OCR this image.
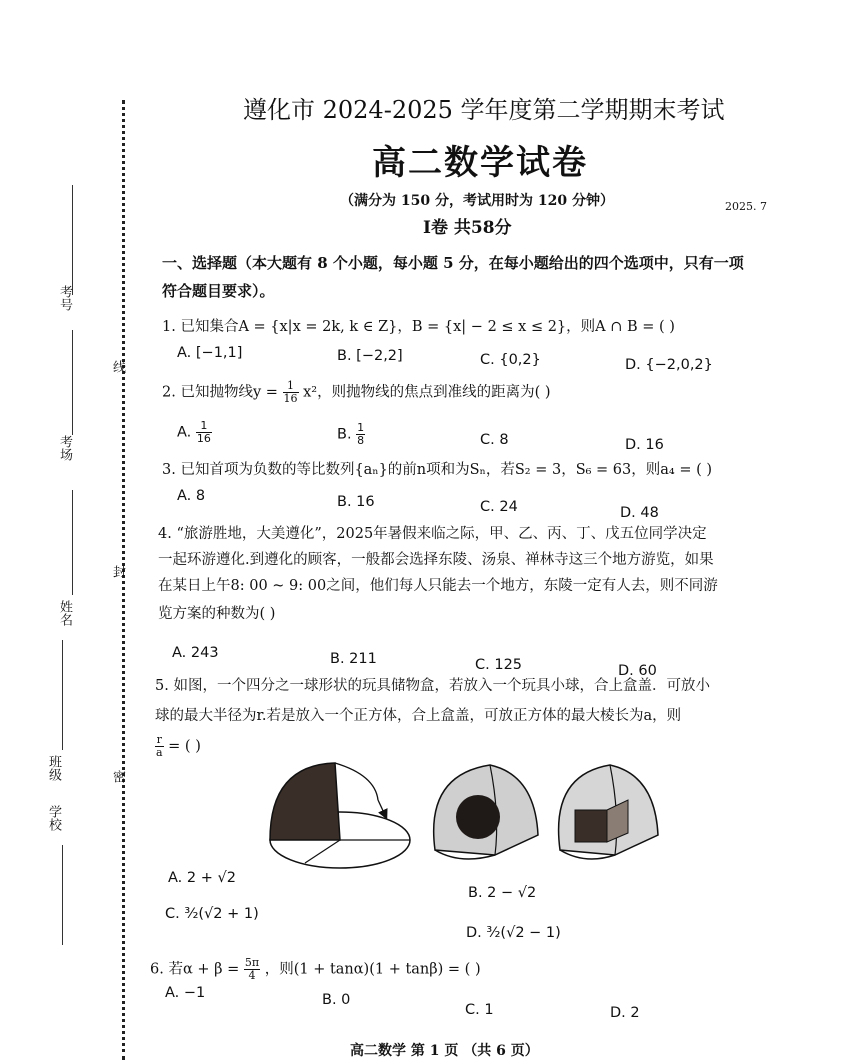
考号
考场
姓名
班级
学校
线
封
密
遵化市 2024-2025 学年度第二学期期末考试
高二数学试卷
（满分为 150 分，考试用时为 120 分钟）	2025. 7
Ⅰ卷 共58分
一、选择题（本大题有 8 个小题，每小题 5 分，在每小题给出的四个选项中，只有一项
符合题目要求）。
1. 已知集合A = {x|x = 2k, k ∈ Z}，B = {x| − 2 ≤ x ≤ 2}，则A ∩ B = ( )
A. [−1,1]	B. [−2,2]	C. {0,2}	D. {−2,0,2}
2. 已知抛物线$y = \frac{1}{16} x^2$，则抛物线的焦点到准线的距离为( )
A. $\frac{1}{16}$	B. $\frac{1}{8}$	C. 8	D. 16
3. 已知首项为负数的等比数列{aₙ}的前n项和为Sₙ，若S₂ = 3，S₆ = 63，则a₄ = ( )
A. 8	B. 16	C. 24	D. 48
4. “旅游胜地，大美遵化”，2025年暑假来临之际，甲、乙、丙、丁、戊五位同学决定
一起环游遵化.到遵化的顾客，一般都会选择东陵、汤泉、禅林寺这三个地方游览，如果
在某日上午8: 00 ~ 9: 00之间，他们每人只能去一个地方，东陵一定有人去，则不同游
览方案的种数为( )
A. 243	B. 211	C. 125	D. 60
5. 如图，一个四分之一球形状的玩具储物盒，若放入一个玩具小球，合上盒盖．可放小
球的最大半径为r.若是放入一个正方体，合上盒盖，可放正方体的最大棱长为a，则
$\frac{r}{a}$ = ( )
A. 2 + √2
B. 2 − √2
C. ³⁄₂(√2 + 1)
D. ³⁄₂(√2 − 1)
6. 若$\alpha + \beta = \frac{5\pi}{4}$ ，则(1 + tanα)(1 + tanβ) = ( )
A. −1	B. 0
C. 1	D. 2
高二数学 第 1 页 （共 6 页）
